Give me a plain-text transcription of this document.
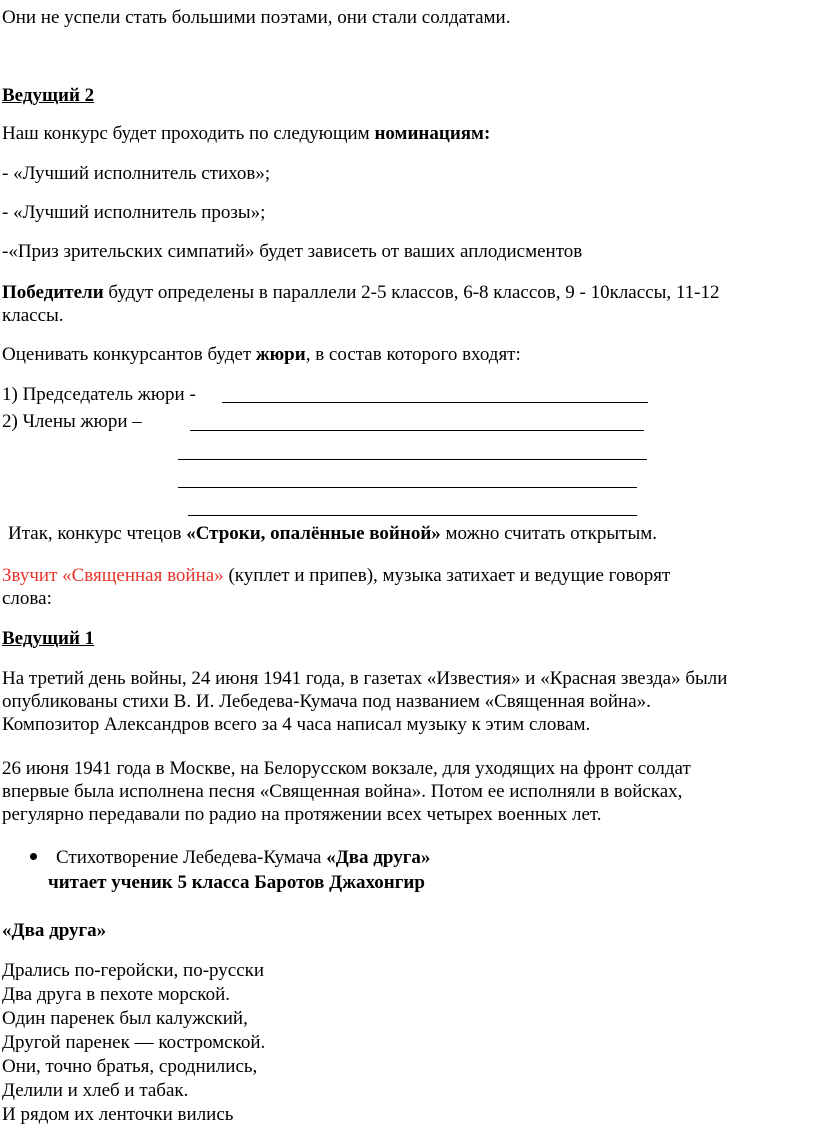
Они не успели стать большими поэтами, они стали солдатами.
Ведущий 2
Наш конкурс будет проходить по следующим номинациям:
- «Лучший исполнитель стихов»;
- «Лучший исполнитель прозы»;
-«Приз зрительских симпатий» будет зависеть от ваших аплодисментов
Победители будут определены в параллели 2-5 классов, 6-8 классов, 9 - 10классы, 11-12
классы.
Оценивать конкурсантов будет жюри, в состав которого входят:
1) Председатель жюри -
2) Члены жюри –
Итак, конкурс чтецов «Строки, опалённые войной» можно считать открытым.
Звучит «Священная война» (куплет и припев), музыка затихает и ведущие говорят
слова:
Ведущий 1
На третий день войны, 24 июня 1941 года, в газетах «Известия» и «Красная звезда» были
опубликованы стихи В. И. Лебедева-Кумача под названием «Священная война».
Композитор Александров всего за 4 часа написал музыку к этим словам.
26 июня 1941 года в Москве, на Белорусском вокзале, для уходящих на фронт солдат
впервые была исполнена песня «Священная война». Потом ее исполняли в войсках,
регулярно передавали по радио на протяжении всех четырех военных лет.
Стихотворение Лебедева-Кумача «Два друга»
читает ученик 5 класса Баротов Джахонгир
«Два друга»
Дрались по-геройски, по-русски
Два друга в пехоте морской.
Один паренек был калужский,
Другой паренек — костромской.
Они, точно братья, сроднились,
Делили и хлеб и табак.
И рядом их ленточки вились
